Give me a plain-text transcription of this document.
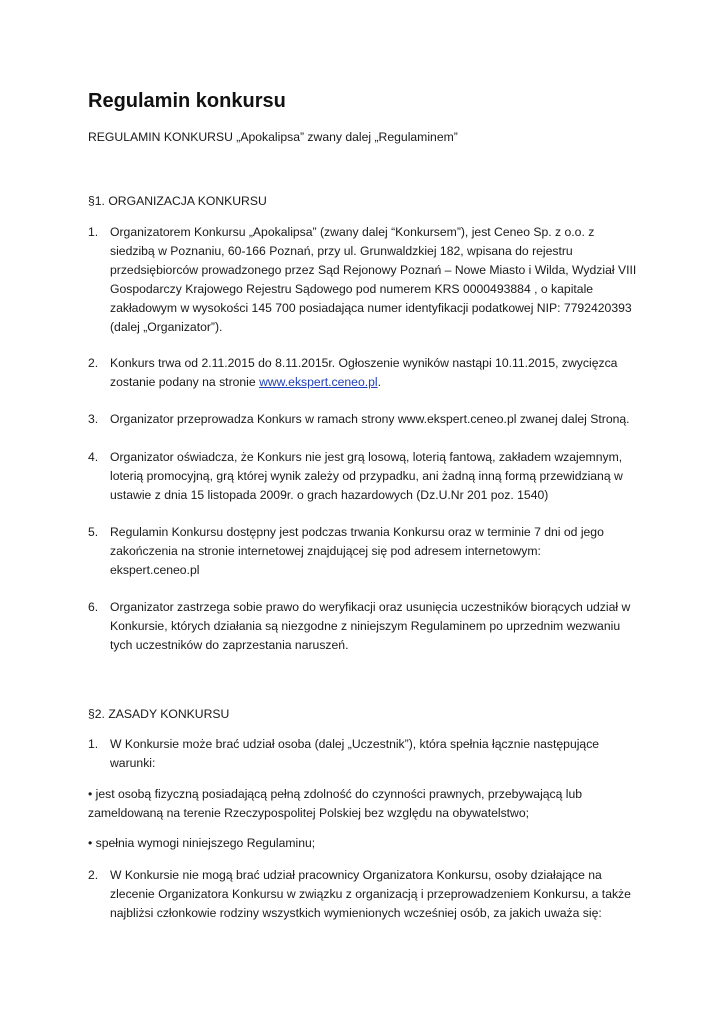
Regulamin konkursu

REGULAMIN KONKURSU „Apokalipsa” zwany dalej „Regulaminem”

§1. ORGANIZACJA KONKURSU

1. Organizatorem Konkursu „Apokalipsa” (zwany dalej “Konkursem”), jest Ceneo Sp. z o.o. z
siedzibą w Poznaniu, 60-166 Poznań, przy ul. Grunwaldzkiej 182, wpisana do rejestru
przedsiębiorców prowadzonego przez Sąd Rejonowy Poznań – Nowe Miasto i Wilda, Wydział VIII
Gospodarczy Krajowego Rejestru Sądowego pod numerem KRS 0000493884 , o kapitale
zakładowym w wysokości 145 700 posiadająca numer identyfikacji podatkowej NIP: 7792420393
(dalej „Organizator”).

2. Konkurs trwa od 2.11.2015 do 8.11.2015r. Ogłoszenie wyników nastąpi 10.11.2015, zwycięzca
zostanie podany na stronie www.ekspert.ceneo.pl.

3. Organizator przeprowadza Konkurs w ramach strony www.ekspert.ceneo.pl zwanej dalej Stroną.

4. Organizator oświadcza, że Konkurs nie jest grą losową, loterią fantową, zakładem wzajemnym,
loterią promocyjną, grą której wynik zależy od przypadku, ani żadną inną formą przewidzianą w
ustawie z dnia 15 listopada 2009r. o grach hazardowych (Dz.U.Nr 201 poz. 1540)

5. Regulamin Konkursu dostępny jest podczas trwania Konkursu oraz w terminie 7 dni od jego
zakończenia na stronie internetowej znajdującej się pod adresem internetowym:
ekspert.ceneo.pl

6. Organizator zastrzega sobie prawo do weryfikacji oraz usunięcia uczestników biorących udział w
Konkursie, których działania są niezgodne z niniejszym Regulaminem po uprzednim wezwaniu
tych uczestników do zaprzestania naruszeń.

§2. ZASADY KONKURSU

1. W Konkursie może brać udział osoba (dalej „Uczestnik”), która spełnia łącznie następujące
warunki:

• jest osobą fizyczną posiadającą pełną zdolność do czynności prawnych, przebywającą lub
zameldowaną na terenie Rzeczypospolitej Polskiej bez względu na obywatelstwo;

• spełnia wymogi niniejszego Regulaminu;

2. W Konkursie nie mogą brać udział pracownicy Organizatora Konkursu, osoby działające na
zlecenie Organizatora Konkursu w związku z organizacją i przeprowadzeniem Konkursu, a także
najbliżsi członkowie rodziny wszystkich wymienionych wcześniej osób, za jakich uważa się:
